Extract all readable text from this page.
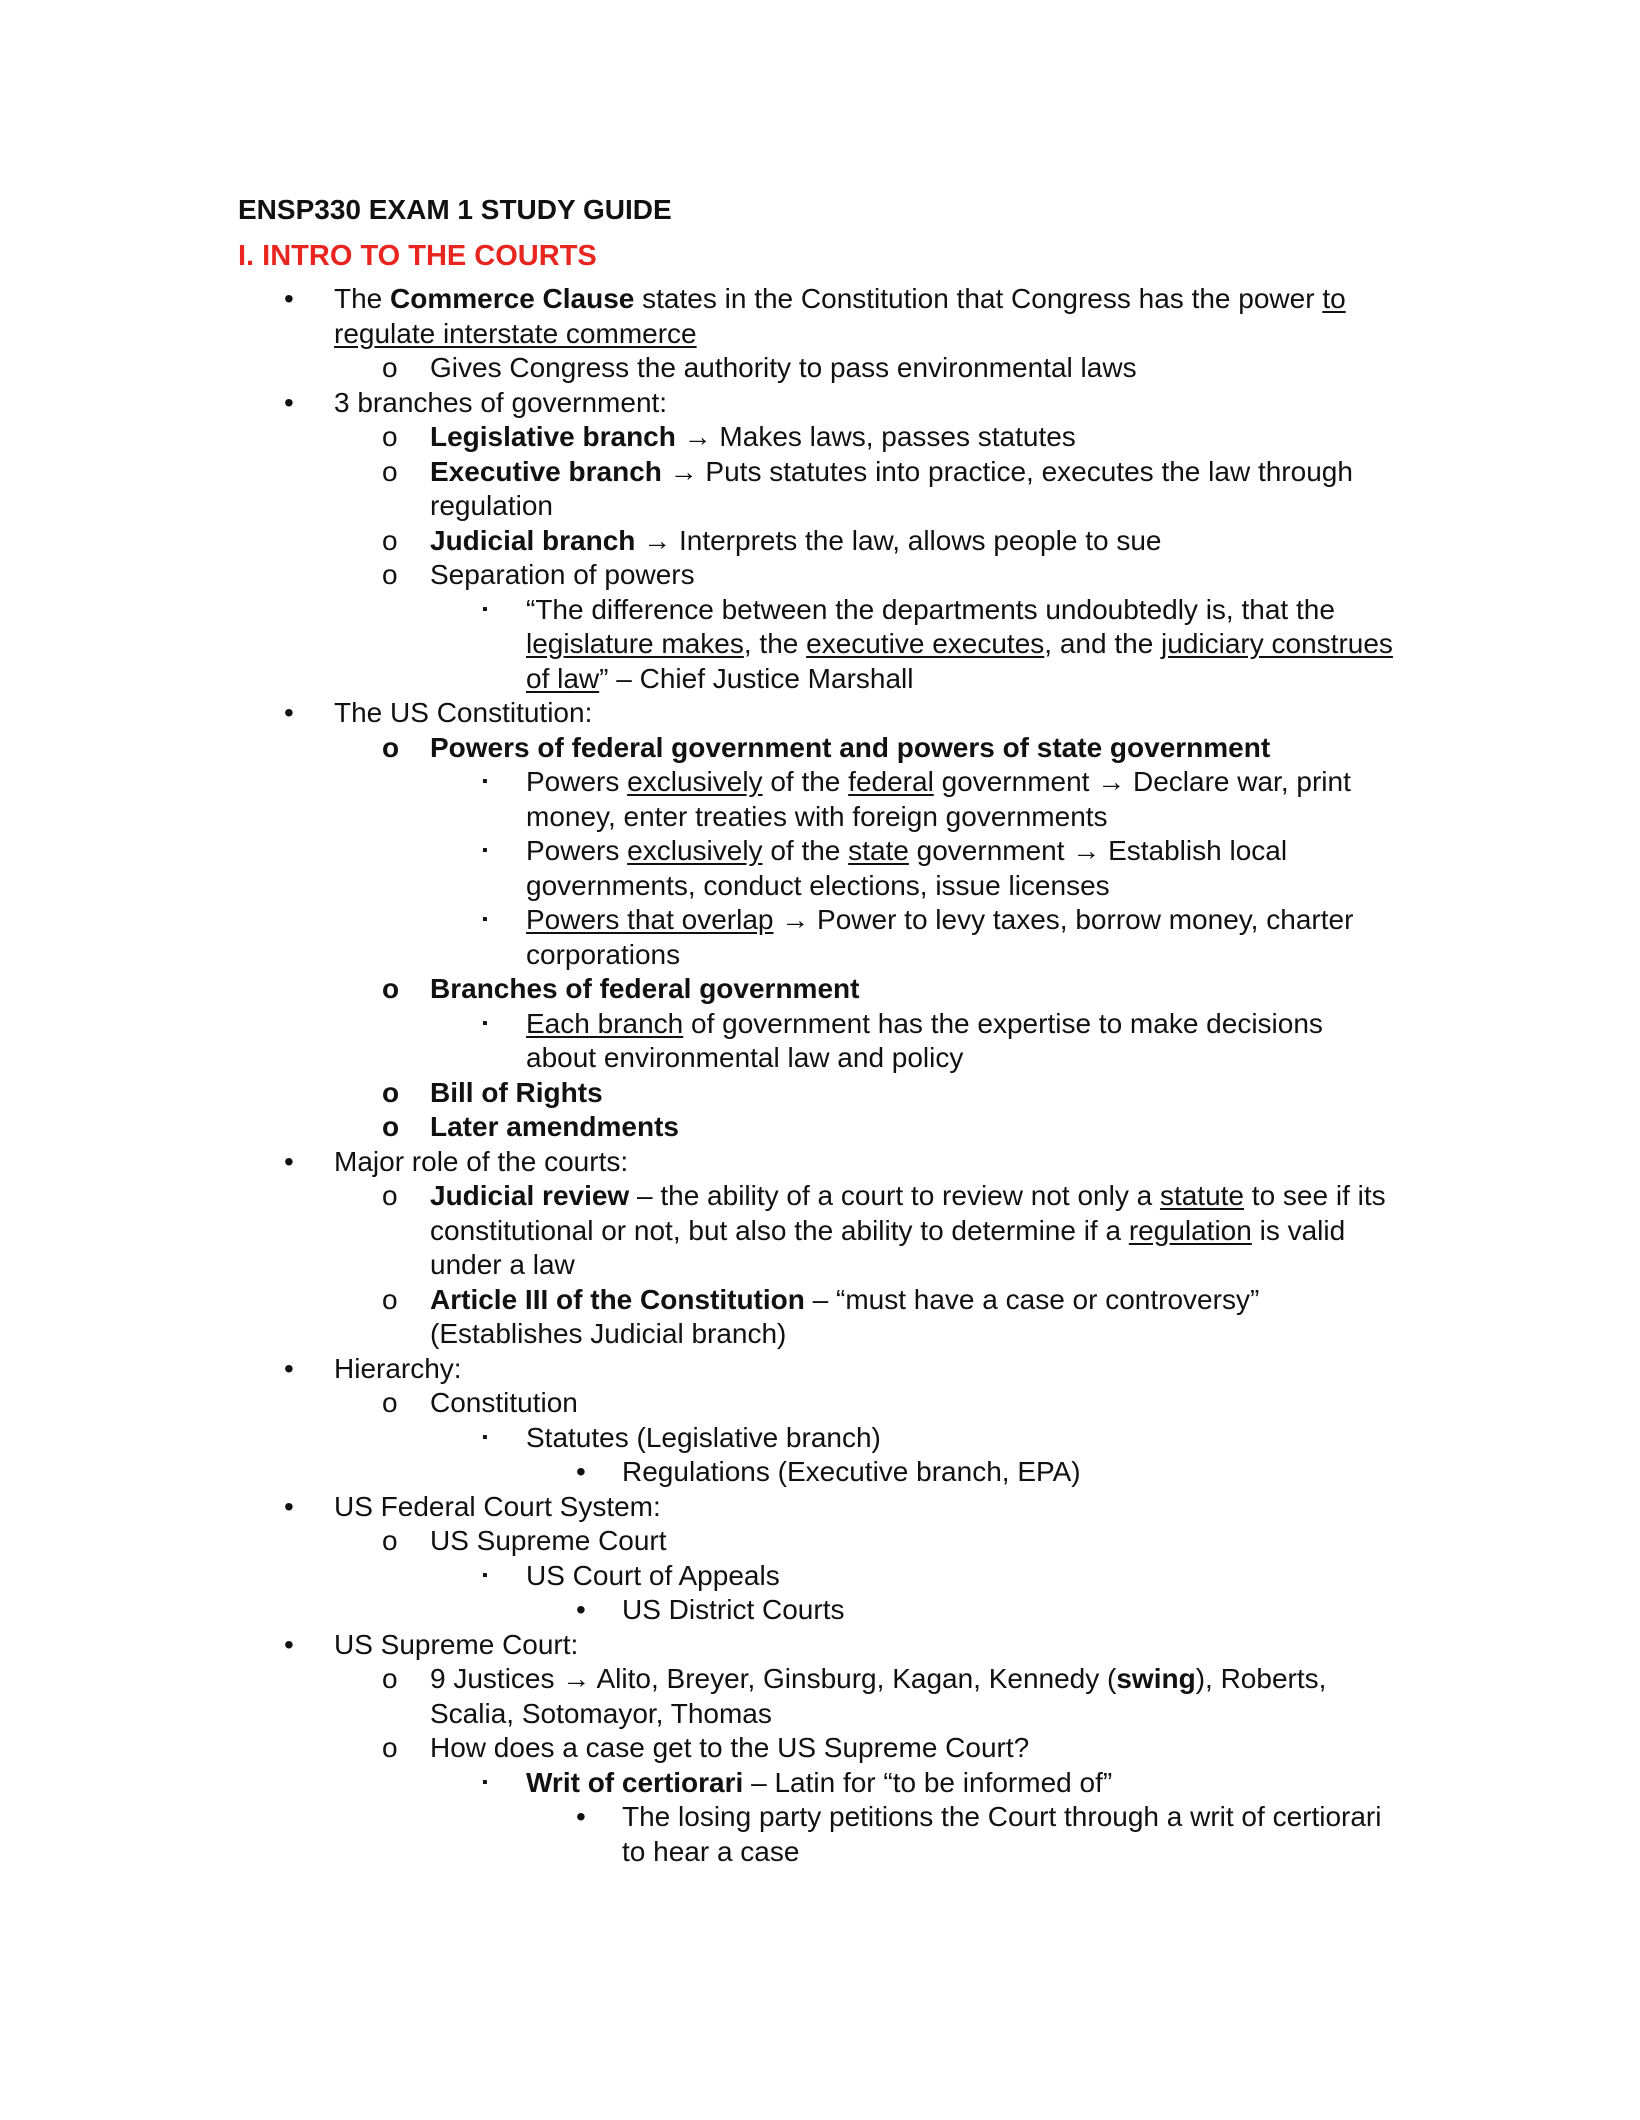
ENSP330 EXAM 1 STUDY GUIDE
I. INTRO TO THE COURTS
• The Commerce Clause states in the Constitution that Congress has the power to regulate interstate commerce
o Gives Congress the authority to pass environmental laws
• 3 branches of government:
o Legislative branch → Makes laws, passes statutes
o Executive branch → Puts statutes into practice, executes the law through regulation
o Judicial branch → Interprets the law, allows people to sue
o Separation of powers
▪ “The difference between the departments undoubtedly is, that the legislature makes, the executive executes, and the judiciary construes of law” – Chief Justice Marshall
• The US Constitution:
o Powers of federal government and powers of state government
▪ Powers exclusively of the federal government → Declare war, print money, enter treaties with foreign governments
▪ Powers exclusively of the state government → Establish local governments, conduct elections, issue licenses
▪ Powers that overlap → Power to levy taxes, borrow money, charter corporations
o Branches of federal government
▪ Each branch of government has the expertise to make decisions about environmental law and policy
o Bill of Rights
o Later amendments
• Major role of the courts:
o Judicial review – the ability of a court to review not only a statute to see if its constitutional or not, but also the ability to determine if a regulation is valid under a law
o Article III of the Constitution – “must have a case or controversy” (Establishes Judicial branch)
• Hierarchy:
o Constitution
▪ Statutes (Legislative branch)
• Regulations (Executive branch, EPA)
• US Federal Court System:
o US Supreme Court
▪ US Court of Appeals
• US District Courts
• US Supreme Court:
o 9 Justices → Alito, Breyer, Ginsburg, Kagan, Kennedy (swing), Roberts, Scalia, Sotomayor, Thomas
o How does a case get to the US Supreme Court?
▪ Writ of certiorari – Latin for “to be informed of”
• The losing party petitions the Court through a writ of certiorari to hear a case
